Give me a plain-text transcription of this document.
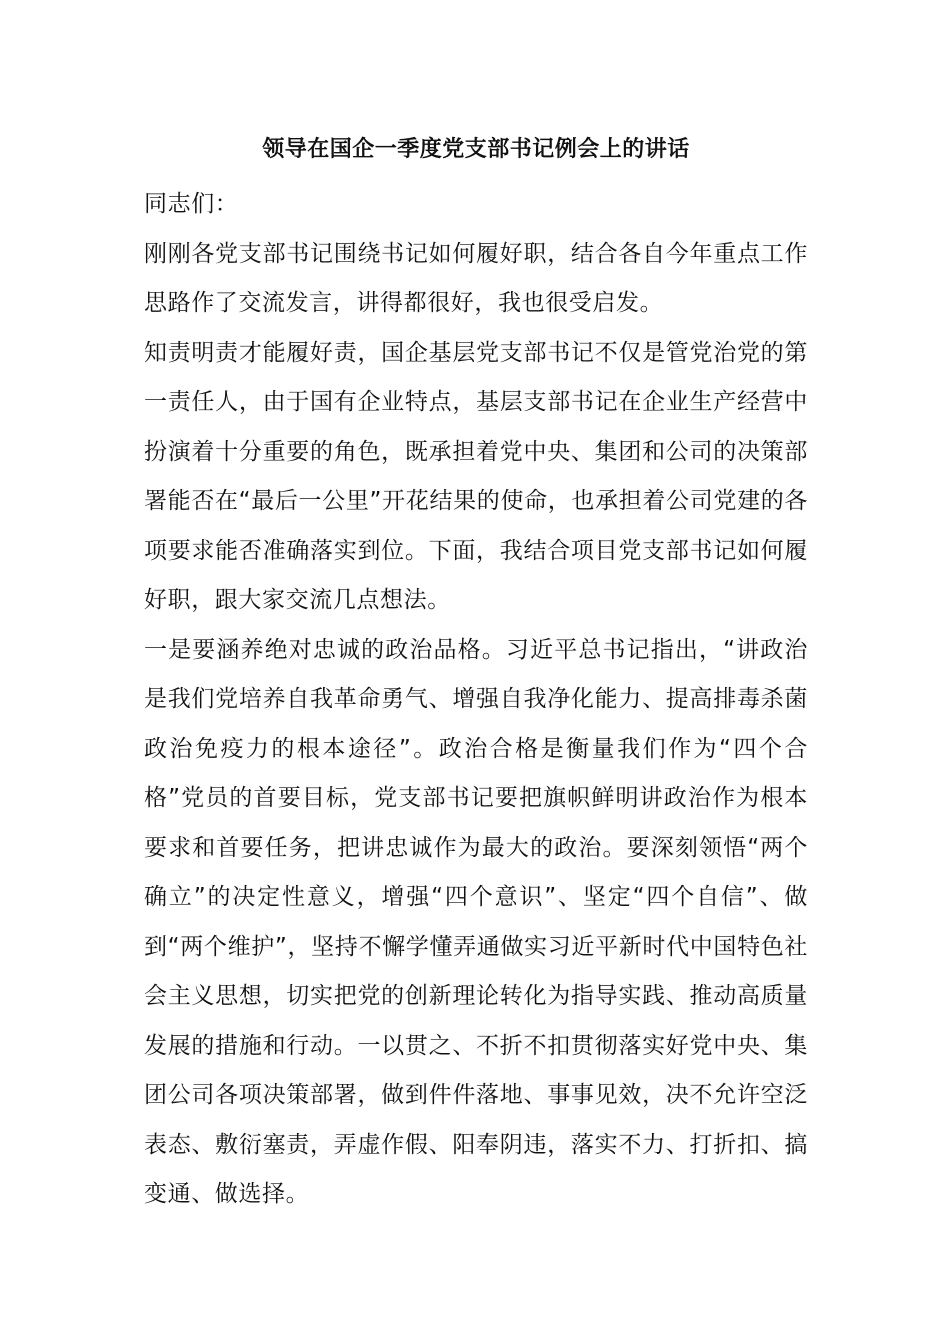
领导在国企一季度党支部书记例会上的讲话

同志们：

刚刚各党支部书记围绕书记如何履好职，结合各自今年重点工作思路作了交流发言，讲得都很好，我也很受启发。

知责明责才能履好责，国企基层党支部书记不仅是管党治党的第一责任人，由于国有企业特点，基层支部书记在企业生产经营中扮演着十分重要的角色，既承担着党中央、集团和公司的决策部署能否在“最后一公里”开花结果的使命，也承担着公司党建的各项要求能否准确落实到位。下面，我结合项目党支部书记如何履好职，跟大家交流几点想法。

一是要涵养绝对忠诚的政治品格。习近平总书记指出，“讲政治是我们党培养自我革命勇气、增强自我净化能力、提高排毒杀菌政治免疫力的根本途径”。政治合格是衡量我们作为“四个合格”党员的首要目标，党支部书记要把旗帜鲜明讲政治作为根本要求和首要任务，把讲忠诚作为最大的政治。要深刻领悟“两个确立”的决定性意义，增强“四个意识”、坚定“四个自信”、做到“两个维护”，坚持不懈学懂弄通做实习近平新时代中国特色社会主义思想，切实把党的创新理论转化为指导实践、推动高质量发展的措施和行动。一以贯之、不折不扣贯彻落实好党中央、集团公司各项决策部署，做到件件落地、事事见效，决不允许空泛表态、敷衍塞责，弄虚作假、阳奉阴违，落实不力、打折扣、搞变通、做选择。
